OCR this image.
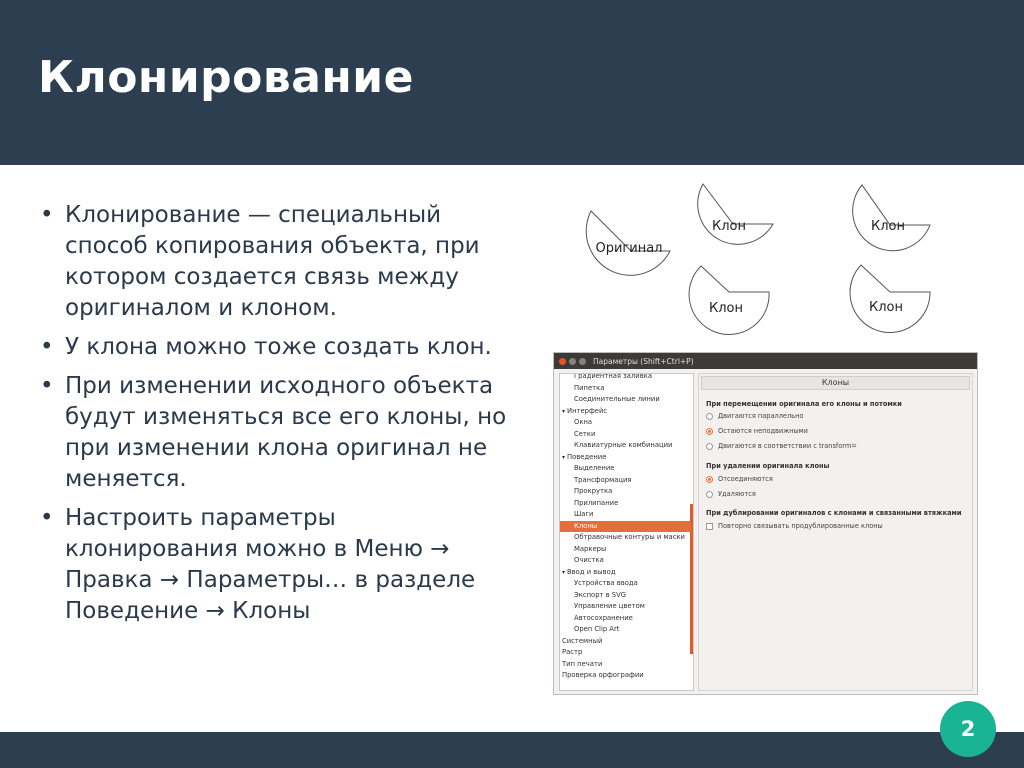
Клонирование
• Клонирование — специальный способ копирования объекта, при котором создается связь между оригиналом и клоном.
• У клона можно тоже создать клон.
• При изменении исходного объекта будут изменяться все его клоны, но при изменении клона оригинал не меняется.
• Настроить параметры клонирования можно в Меню → Правка → Параметры… в разделе Поведение → Клоны
Оригинал
Клон	Клон
Клон	Клон
Параметры (Shift+Ctrl+P)
Градиентная заливка
Пипетка
Соединительные линии
▾ Интерфейс
Окна
Сетки
Клавиатурные комбинации
▾ Поведение
Выделение
Трансформация
Прокрутка
Прилипание
Шаги
Клоны
Обтравочные контуры и маски
Маркеры
Очистка
▾ Ввод и вывод
Устройства ввода
Экспорт в SVG
Управление цветом
Автосохранение
Open Clip Art
Системный
Растр
Тип печати
Проверка орфографии
Клоны
При перемещении оригинала его клоны и потомки
Двигаются параллельно
Остаются неподвижными
Двигаются в соответствии с transform=
При удалении оригинала клоны
Отсоединяются
Удаляются
При дублировании оригиналов с клонами и связанными втяжками
Повторно связывать продублированные клоны
2
